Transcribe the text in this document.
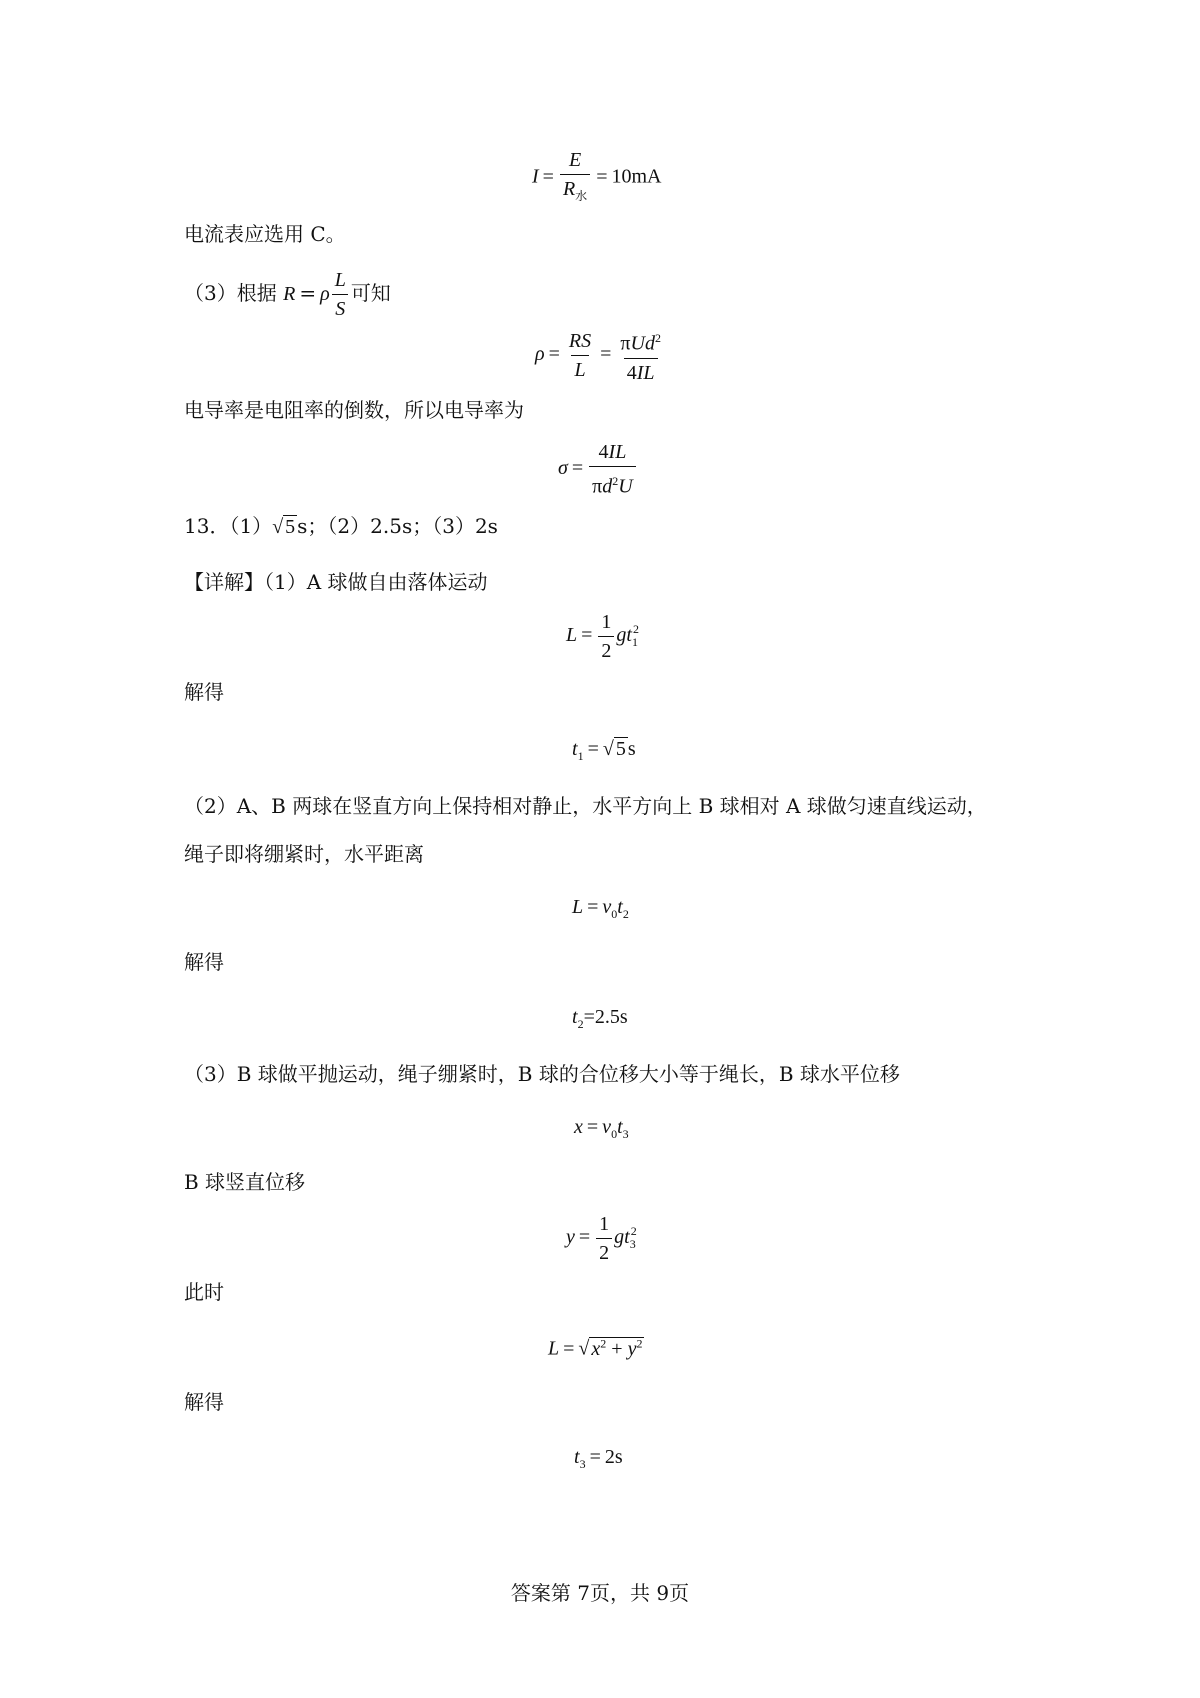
$I = \frac{E}{R_水} = 10mA$
电流表应选用 C。
（3）根据 R = ρ $\frac{L}{S}$ 可知
$\rho = \frac{RS}{L} = \frac{\pi Ud^2}{4IL}$
电导率是电阻率的倒数，所以电导率为
$\sigma = \frac{4IL}{\pi d^2U}$
13．（1）√ 5 s；（2）2.5s；（3）2s
【详解】（1）A 球做自由落体运动
$L = \frac{1}{2} gt_1^2$
解得
$t_1$ = √ 5 s
（2）A、B 两球在竖直方向上保持相对静止，水平方向上 B 球相对 A 球做匀速直线运动，
绳子即将绷紧时，水平距离
$L = v_0t_2$
解得
$t_2=2.5s$
（3）B 球做平抛运动，绳子绷紧时，B 球的合位移大小等于绳长，B 球水平位移
$x = v_0t_3$
B 球竖直位移
$y = \frac{1}{2} gt_3^2$
此时
L = √ $x^2 + y^2$
解得
$t_3 = 2s$
答案第 7页，共 9页
